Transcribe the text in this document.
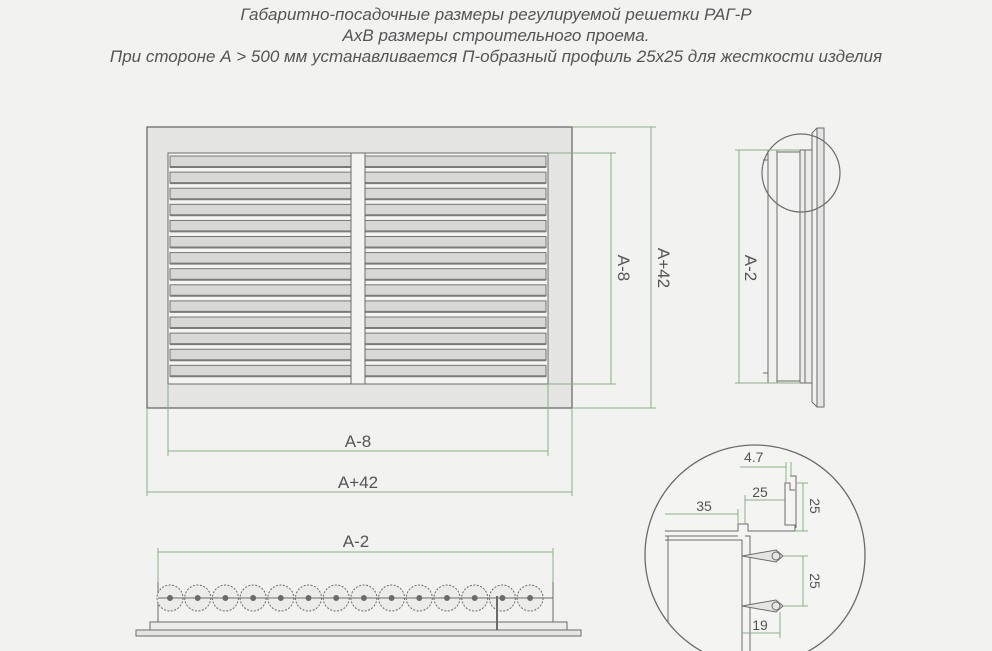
Габаритно-посадочные размеры регулируемой решетки РАГ-Р
АхВ размеры строительного проема.
При стороне А > 500 мм устанавливается П-образный профиль 25х25 для жесткости изделия
A-8
A+42
A-8 A+42	A-2
A-2
4.7
35
25
25
25
19
